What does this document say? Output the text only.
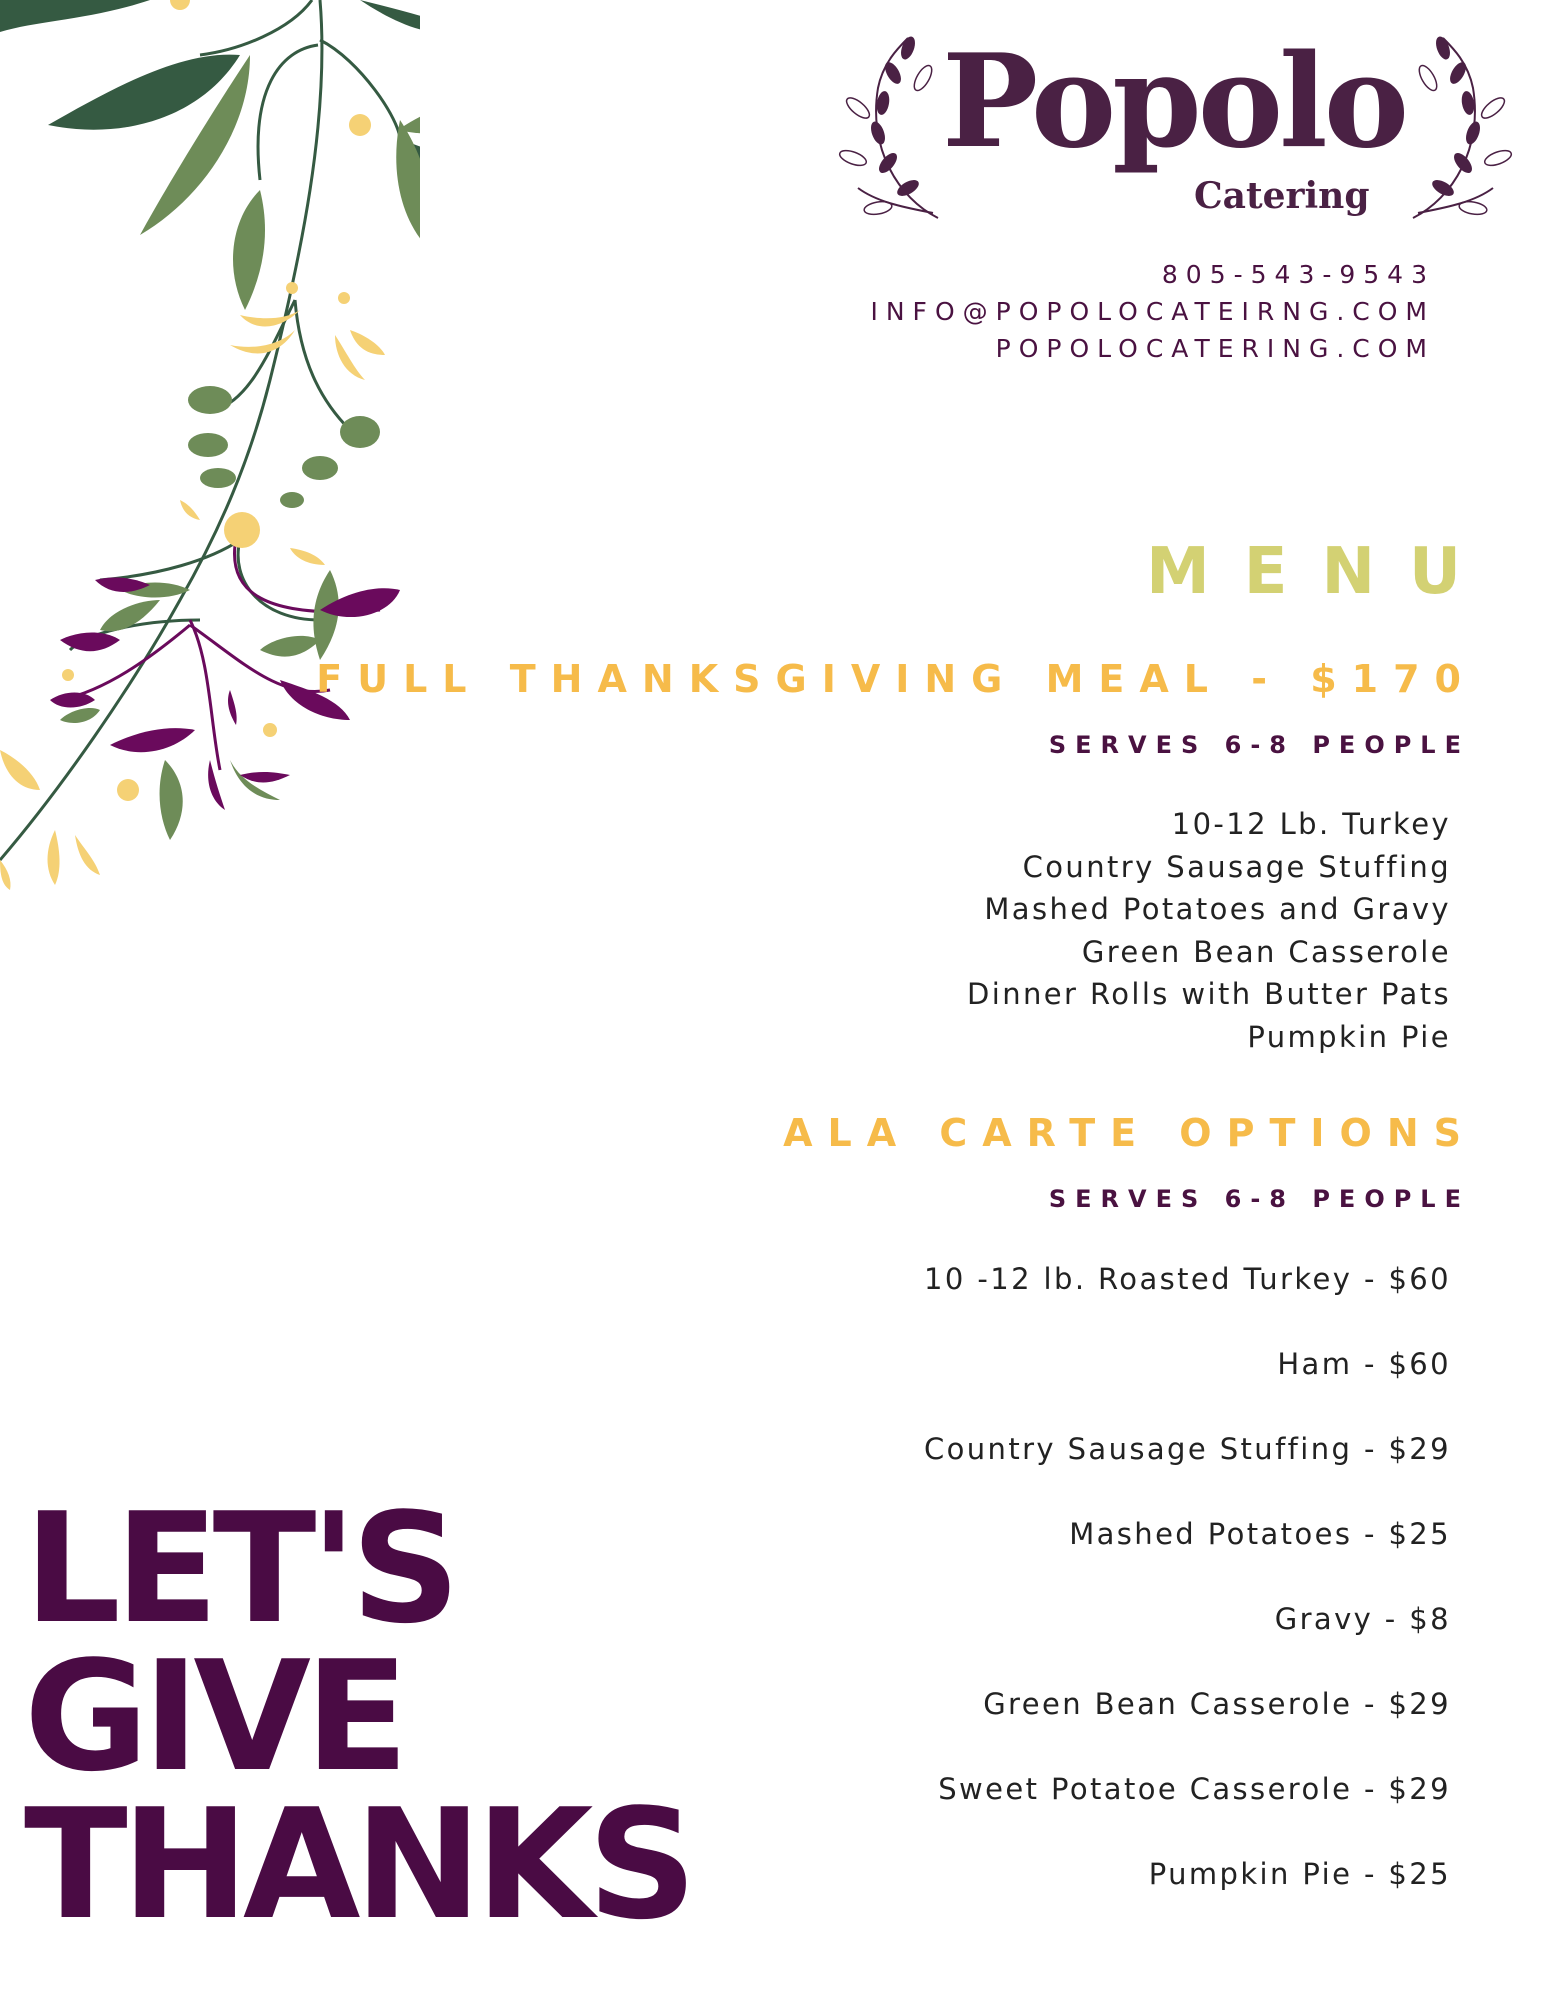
Popolo
Catering
805-543-9543
INFO@POPOLOCATEIRNG.COM
POPOLOCATERING.COM
MENU
FULL THANKSGIVING MEAL - $170
SERVES 6-8 PEOPLE
10-12 Lb. Turkey
Country Sausage Stuffing
Mashed Potatoes and Gravy
Green Bean Casserole
Dinner Rolls with Butter Pats
Pumpkin Pie
ALA CARTE OPTIONS
SERVES 6-8 PEOPLE
10 -12 lb. Roasted Turkey - $60
Ham - $60
Country Sausage Stuffing - $29
Mashed Potatoes - $25
Gravy - $8
Green Bean Casserole - $29
Sweet Potatoe Casserole - $29
Pumpkin Pie - $25
LET'S
GIVE
THANKS
